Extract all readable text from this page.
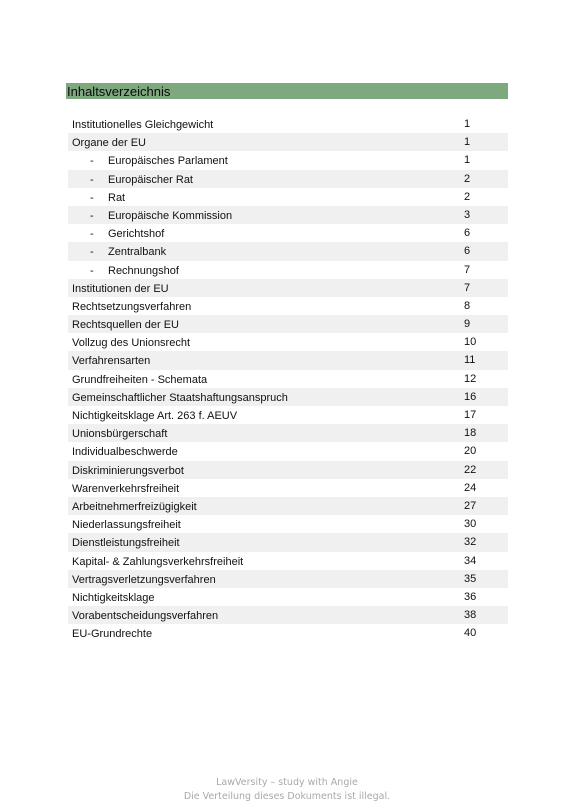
Inhaltsverzeichnis
Institutionelles Gleichgewicht	1
Organe der EU	1
- Europäisches Parlament	1
- Europäischer Rat	2
- Rat	2
- Europäische Kommission	3
- Gerichtshof	6
- Zentralbank	6
- Rechnungshof	7
Institutionen der EU	7
Rechtsetzungsverfahren	8
Rechtsquellen der EU	9
Vollzug des Unionsrecht	10
Verfahrensarten	11
Grundfreiheiten - Schemata	12
Gemeinschaftlicher Staatshaftungsanspruch	16
Nichtigkeitsklage Art. 263 f. AEUV	17
Unionsbürgerschaft	18
Individualbeschwerde	20
Diskriminierungsverbot	22
Warenverkehrsfreiheit	24
Arbeitnehmerfreizügigkeit	27
Niederlassungsfreiheit	30
Dienstleistungsfreiheit	32
Kapital- & Zahlungsverkehrsfreiheit	34
Vertragsverletzungsverfahren	35
Nichtigkeitsklage	36
Vorabentscheidungsverfahren	38
EU-Grundrechte	40
LawVersity – study with Angie
Die Verteilung dieses Dokuments ist illegal.
